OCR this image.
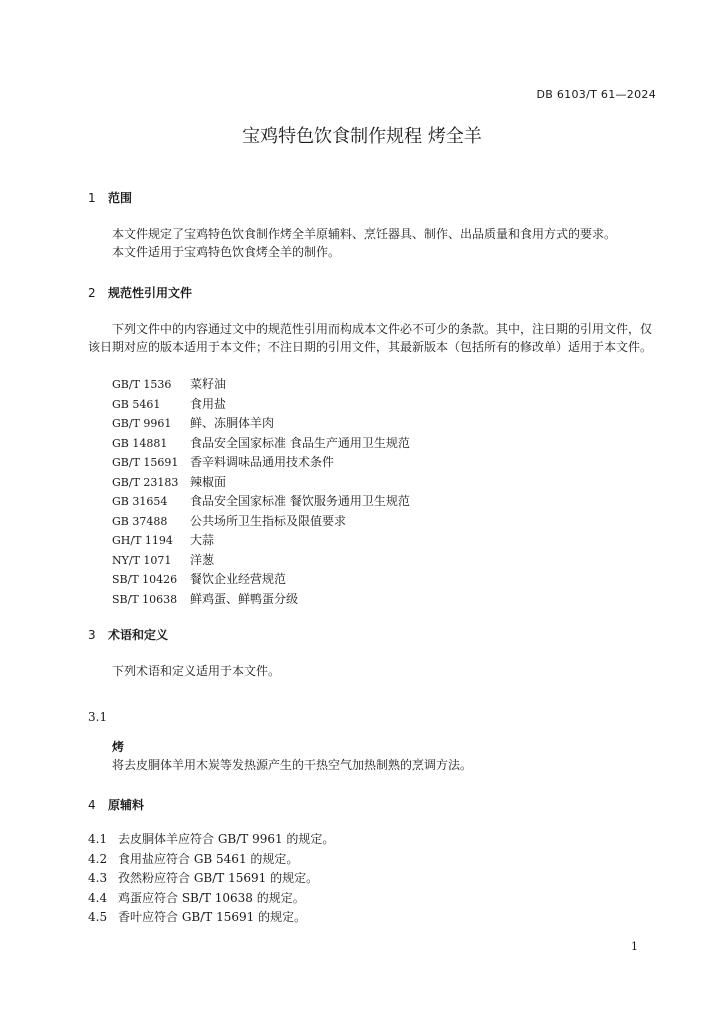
DB 6103/T 61—2024
宝鸡特色饮食制作规程 烤全羊
1 范围
本文件规定了宝鸡特色饮食制作烤全羊原辅料、烹饪器具、制作、出品质量和食用方式的要求。
本文件适用于宝鸡特色饮食烤全羊的制作。
2 规范性引用文件
下列文件中的内容通过文中的规范性引用而构成本文件必不可少的条款。其中，注日期的引用文件，仅该日期对应的版本适用于本文件；不注日期的引用文件，其最新版本（包括所有的修改单）适用于本文件。
GB/T 1536 菜籽油
GB 5461 食用盐
GB/T 9961 鲜、冻胴体羊肉
GB 14881 食品安全国家标准 食品生产通用卫生规范
GB/T 15691 香辛料调味品通用技术条件
GB/T 23183 辣椒面
GB 31654 食品安全国家标准 餐饮服务通用卫生规范
GB 37488 公共场所卫生指标及限值要求
GH/T 1194 大蒜
NY/T 1071 洋葱
SB/T 10426 餐饮企业经营规范
SB/T 10638 鲜鸡蛋、鲜鸭蛋分级
3 术语和定义
下列术语和定义适用于本文件。
3.1
烤
将去皮胴体羊用木炭等发热源产生的干热空气加热制熟的烹调方法。
4 原辅料
4.1 去皮胴体羊应符合 GB/T 9961 的规定。
4.2 食用盐应符合 GB 5461 的规定。
4.3 孜然粉应符合 GB/T 15691 的规定。
4.4 鸡蛋应符合 SB/T 10638 的规定。
4.5 香叶应符合 GB/T 15691 的规定。
1
